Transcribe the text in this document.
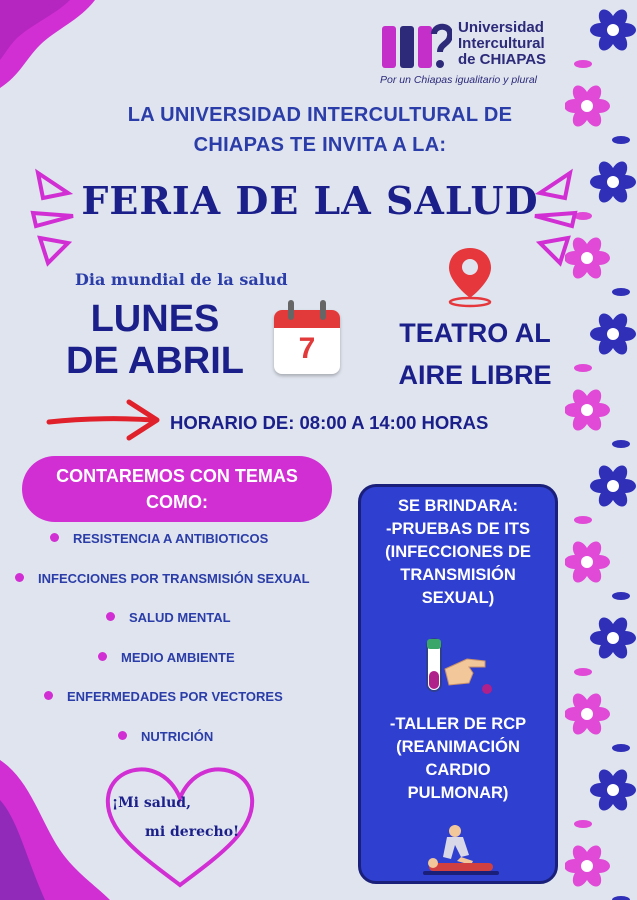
Universidad
Intercultural
de CHIAPAS
Por un Chiapas igualitario y plural
LA UNIVERSIDAD INTERCULTURAL DE
CHIAPAS TE INVITA A LA:
FERIA DE LA SALUD
Dia mundial de la salud
LUNES
DE ABRIL	7	TEATRO AL
AIRE LIBRE
HORARIO DE: 08:00 A 14:00 HORAS
CONTAREMOS CON TEMAS
COMO:
RESISTENCIA A ANTIBIOTICOS
INFECCIONES POR TRANSMISIÓN SEXUAL
SALUD MENTAL
MEDIO AMBIENTE
ENFERMEDADES POR VECTORES
NUTRICIÓN
¡Mi salud,
mi derecho!
SE BRINDARA:
-PRUEBAS DE ITS
(INFECCIONES DE
TRANSMISIÓN
SEXUAL)
-TALLER DE RCP
(REANIMACIÓN
CARDIO
PULMONAR)
